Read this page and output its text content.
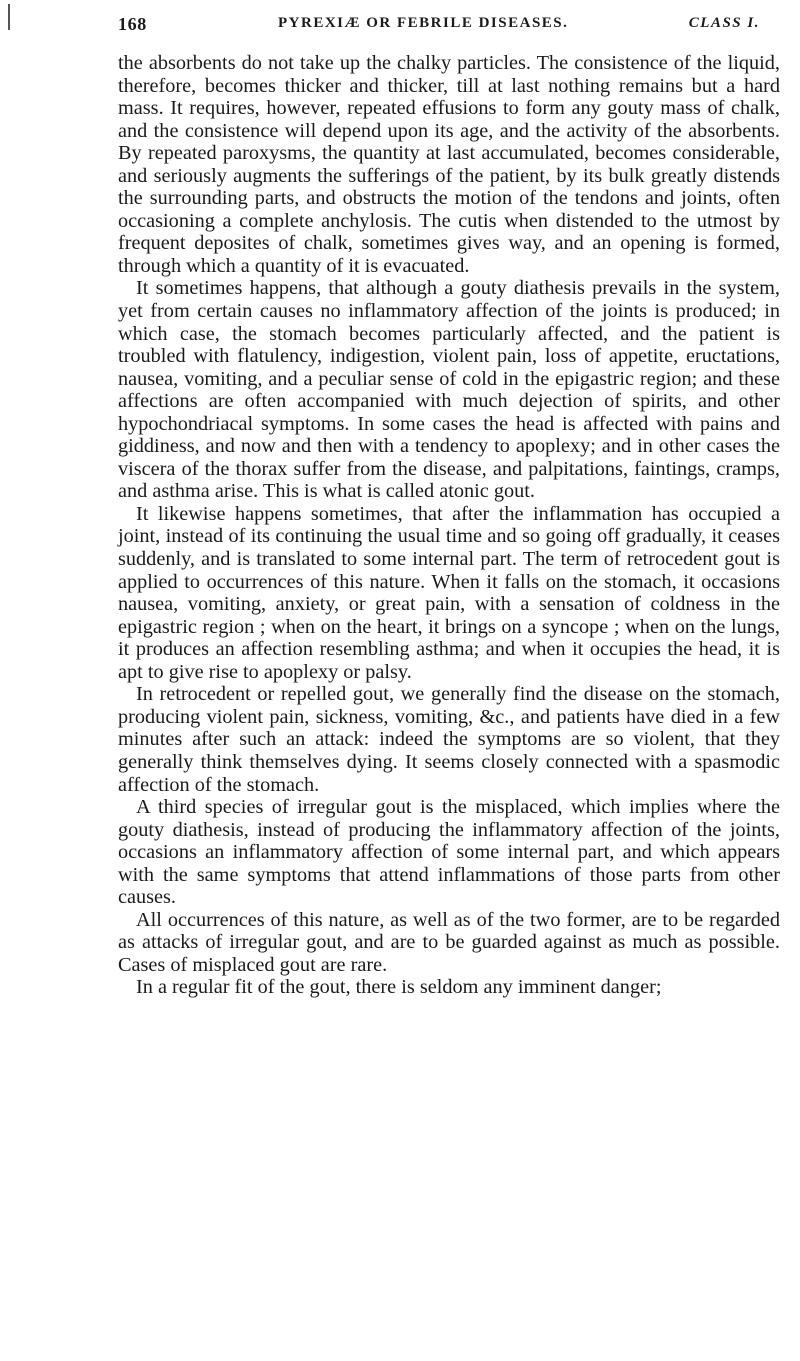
168	PYREXIÆ OR FEBRILE DISEASES.	CLASS I.

the absorbents do not take up the chalky particles. The consistence of the liquid, therefore, becomes thicker and thicker, till at last nothing remains but a hard mass. It requires, however, repeated effusions to form any gouty mass of chalk, and the consistence will depend upon its age, and the activity of the absorbents. By repeated paroxysms, the quantity at last accumulated, becomes considerable, and seriously augments the sufferings of the patient, by its bulk greatly distends the surrounding parts, and obstructs the motion of the tendons and joints, often occasioning a complete anchylosis. The cutis when distended to the utmost by frequent deposites of chalk, sometimes gives way, and an opening is formed, through which a quantity of it is evacuated.

It sometimes happens, that although a gouty diathesis prevails in the system, yet from certain causes no inflammatory affection of the joints is produced; in which case, the stomach becomes particularly affected, and the patient is troubled with flatulency, indigestion, violent pain, loss of appetite, eructations, nausea, vomiting, and a peculiar sense of cold in the epigastric region; and these affections are often accompanied with much dejection of spirits, and other hypochondriacal symptoms. In some cases the head is affected with pains and giddiness, and now and then with a tendency to apoplexy; and in other cases the viscera of the thorax suffer from the disease, and palpitations, faintings, cramps, and asthma arise. This is what is called atonic gout.

It likewise happens sometimes, that after the inflammation has occupied a joint, instead of its continuing the usual time and so going off gradually, it ceases suddenly, and is translated to some internal part. The term of retrocedent gout is applied to occurrences of this nature. When it falls on the stomach, it occasions nausea, vomiting, anxiety, or great pain, with a sensation of coldness in the epigastric region ; when on the heart, it brings on a syncope ; when on the lungs, it produces an affection resembling asthma; and when it occupies the head, it is apt to give rise to apoplexy or palsy.

In retrocedent or repelled gout, we generally find the disease on the stomach, producing violent pain, sickness, vomiting, &c., and patients have died in a few minutes after such an attack: indeed the symptoms are so violent, that they generally think themselves dying. It seems closely connected with a spasmodic affection of the stomach.

A third species of irregular gout is the misplaced, which implies where the gouty diathesis, instead of producing the inflammatory affection of the joints, occasions an inflammatory affection of some internal part, and which appears with the same symptoms that attend inflammations of those parts from other causes.

All occurrences of this nature, as well as of the two former, are to be regarded as attacks of irregular gout, and are to be guarded against as much as possible. Cases of misplaced gout are rare.

In a regular fit of the gout, there is seldom any imminent danger;
